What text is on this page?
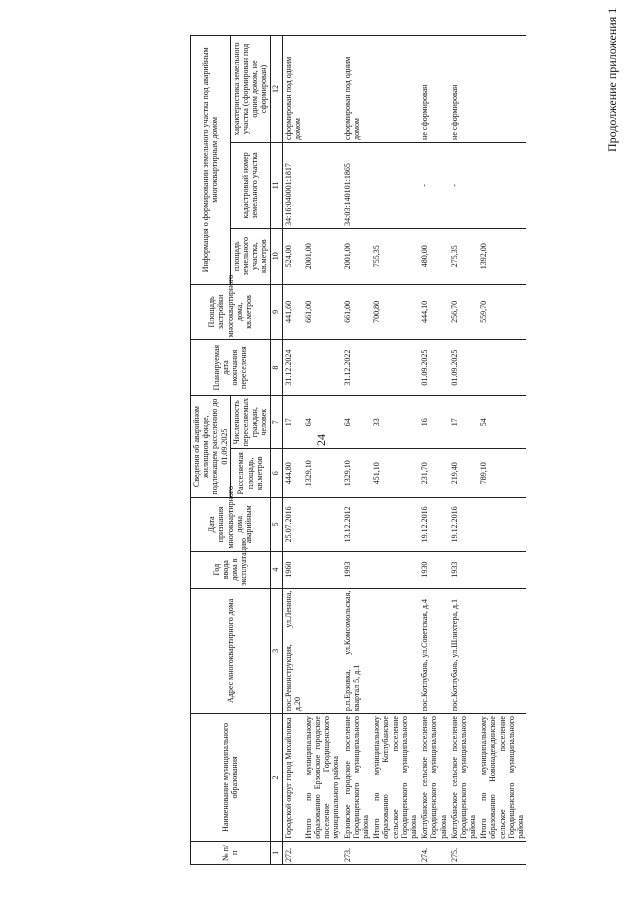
24
Продолжение приложения 1
№ п/п	Наименование муниципального образования	Адрес многоквартирного дома	Год ввода дома в эксплуатацию	Дата признания многоквартирного дома аварийным	Сведения об аварийном жилищном фонде, подлежащем расселению до 01.09.2025		Планируемая дата окончания переселения	Площадь застройки многоквартирного дома, кв.метров	Информация о формировании земельного участка под аварийным многоквартирным домом		
					Расселяемая площадь, кв.метров	Численность переселяемых граждан, человек			площадь земельного участка, кв.метров	кадастровый номер земельного участка	характеристика земельного участка (сформирован под одним домом, не сформирован)
1	2	3	4	5	6	7	8	9	10	11	12
272.	Городской округ город Михайловка	пос.Реконструкция, ул.Ленина, д.20	1960	25.07.2016	444,80	17	31.12.2024	441,60	524,00	34:16:040001:1817	сформирован под одним домом
	Итого по муниципальному образованию Ерзовское городское поселение Городищенского муниципального района				1329,10	64		661,00	2001,00		
273.	Ерзовское городское поселение Городищенского муниципального района	р.п.Ерзовка, ул.Комсомольская, квартал 5, д.1	1993	13.12.2012	1329,10	64	31.12.2022	661,00	2001,00	34:03:140101:1865	сформирован под одним домом
	Итого по муниципальному образованию Котлубанское сельское поселение Городищенского муниципального района				451,10	33		700,80	755,35		
274.	Котлубанское сельское поселение Городищенского муниципального района	пос.Котлубань, ул.Советская, д.4	1930	19.12.2016	231,70	16	01.09.2025	444,10	480,00	-	не сформирован
275.	Котлубанское сельское поселение Городищенского муниципального района	пос.Котлубань, ул.Шлихтера, д.1	1933	19.12.2016	219,40	17	01.09.2025	256,70	275,35	-	не сформирован
	Итого по муниципальному образованию Новонадеждинское сельское поселение Городищенского муниципального района				789,10	54		559,70	1392,00		
